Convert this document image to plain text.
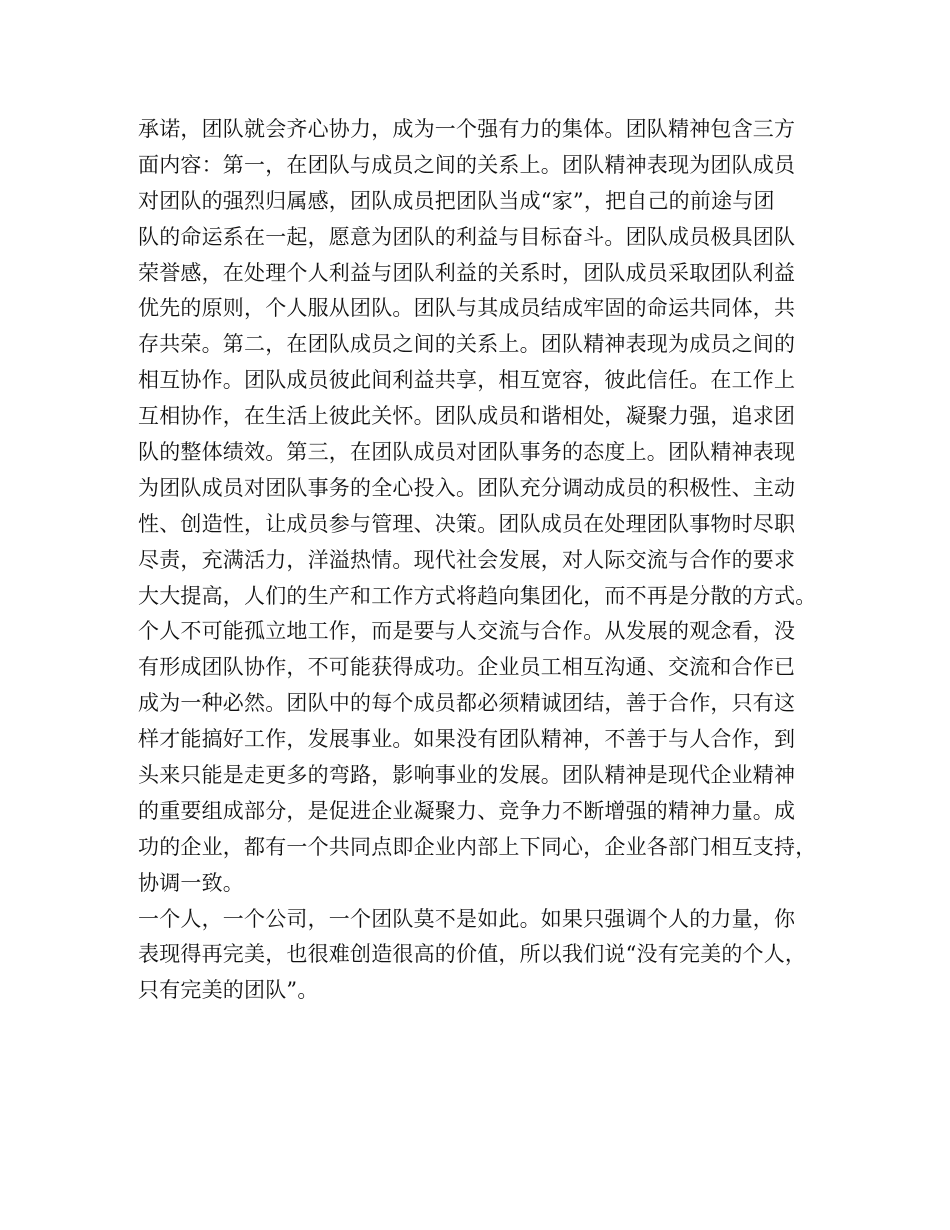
承诺，团队就会齐心协力，成为一个强有力的集体。团队精神包含三方
面内容：第一，在团队与成员之间的关系上。团队精神表现为团队成员
对团队的强烈归属感，团队成员把团队当成“家”，把自己的前途与团
队的命运系在一起，愿意为团队的利益与目标奋斗。团队成员极具团队
荣誉感，在处理个人利益与团队利益的关系时，团队成员采取团队利益
优先的原则，个人服从团队。团队与其成员结成牢固的命运共同体，共
存共荣。第二，在团队成员之间的关系上。团队精神表现为成员之间的
相互协作。团队成员彼此间利益共享，相互宽容，彼此信任。在工作上
互相协作，在生活上彼此关怀。团队成员和谐相处，凝聚力强，追求团
队的整体绩效。第三，在团队成员对团队事务的态度上。团队精神表现
为团队成员对团队事务的全心投入。团队充分调动成员的积极性、主动
性、创造性，让成员参与管理、决策。团队成员在处理团队事物时尽职
尽责，充满活力，洋溢热情。现代社会发展，对人际交流与合作的要求
大大提高，人们的生产和工作方式将趋向集团化，而不再是分散的方式。
个人不可能孤立地工作，而是要与人交流与合作。从发展的观念看，没
有形成团队协作，不可能获得成功。企业员工相互沟通、交流和合作已
成为一种必然。团队中的每个成员都必须精诚团结，善于合作，只有这
样才能搞好工作，发展事业。如果没有团队精神，不善于与人合作，到
头来只能是走更多的弯路，影响事业的发展。团队精神是现代企业精神
的重要组成部分，是促进企业凝聚力、竞争力不断增强的精神力量。成
功的企业，都有一个共同点即企业内部上下同心，企业各部门相互支持，
协调一致。
一个人，一个公司，一个团队莫不是如此。如果只强调个人的力量，你
表现得再完美，也很难创造很高的价值，所以我们说“没有完美的个人，
只有完美的团队”。
